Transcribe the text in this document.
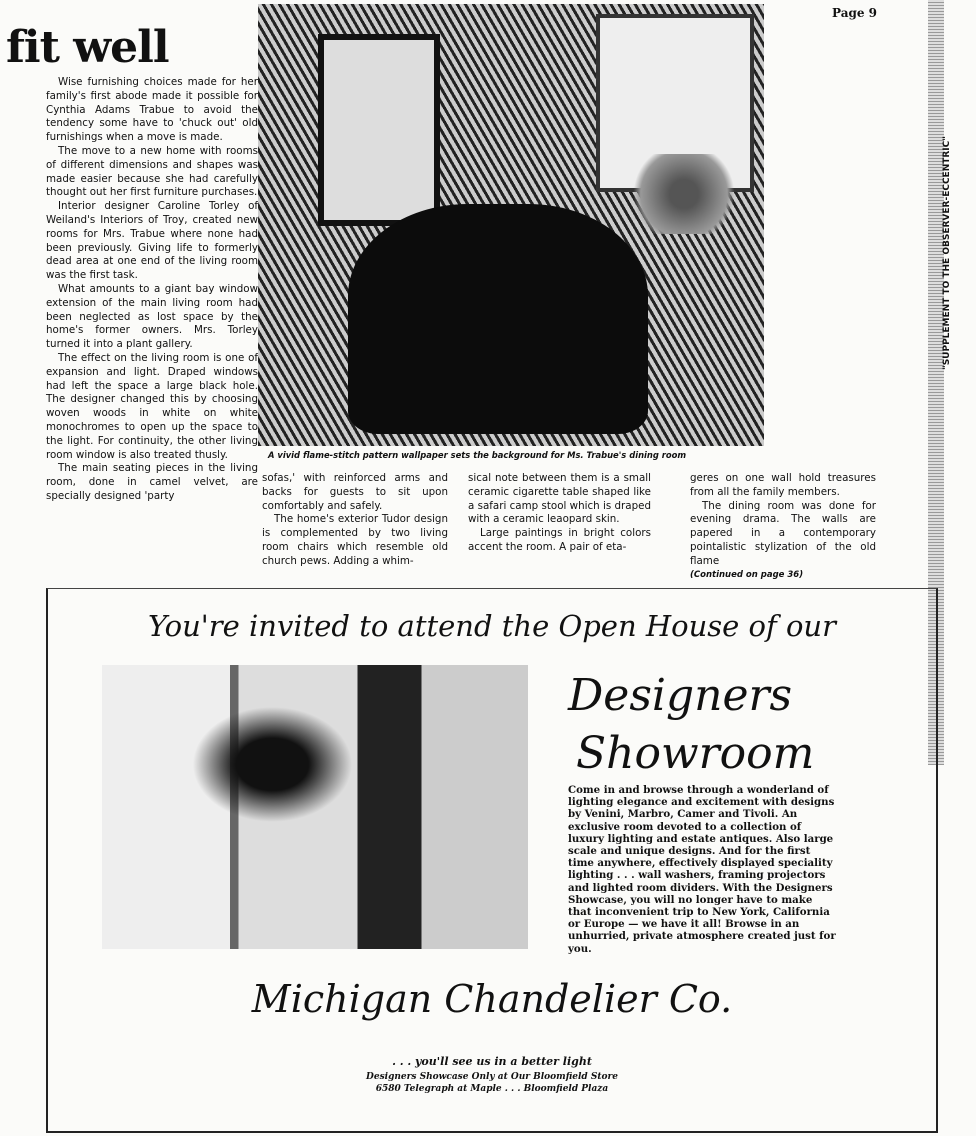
fit well
Page 9
"SUPPLEMENT TO THE OBSERVER-ECCENTRIC"

Wise furnishing choices made for her family's first abode made it possible for Cynthia Adams Trabue to avoid the tendency some have to 'chuck out' old furnishings when a move is made.

The move to a new home with rooms of different dimensions and shapes was made easier because she had carefully thought out her first furniture purchases.

Interior designer Caroline Torley of Weiland's Interiors of Troy, created new rooms for Mrs. Trabue where none had been previously. Giving life to formerly dead area at one end of the living room was the first task.

What amounts to a giant bay window extension of the main living room had been neglected as lost space by the home's former owners. Mrs. Torley turned it into a plant gallery.

The effect on the living room is one of expansion and light. Draped windows had left the space a large black hole. The designer changed this by choosing woven woods in white on white monochromes to open up the space to the light. For continuity, the other living room window is also treated thusly.

The main seating pieces in the living room, done in camel velvet, are specially designed 'party

A vivid flame-stitch pattern wallpaper sets the background for Ms. Trabue's dining room

sofas,' with reinforced arms and backs for guests to sit upon comfortably and safely.

The home's exterior Tudor design is complemented by two living room chairs which resemble old church pews. Adding a whim-

sical note between them is a small ceramic cigarette table shaped like a safari camp stool which is draped with a ceramic leaopard skin.

Large paintings in bright colors accent the room. A pair of eta-

geres on one wall hold treasures from all the family members.

The dining room was done for evening drama. The walls are papered in a contemporary pointalistic stylization of the old flame

(Continued on page 36)

You're invited to attend the Open House of our
Designers
Showroom
Come in and browse through a wonderland of lighting elegance and excitement with designs by Venini, Marbro, Camer and Tivoli. An exclusive room devoted to a collection of luxury lighting and estate antiques. Also large scale and unique designs. And for the first time anywhere, effectively displayed speciality lighting . . . wall washers, framing projectors and lighted room dividers. With the Designers Showcase, you will no longer have to make that inconvenient trip to New York, California or Europe — we have it all! Browse in an unhurried, private atmosphere created just for you.
Michigan Chandelier Co.
. . . you'll see us in a better light
Designers Showcase Only at Our Bloomfield Store
6580 Telegraph at Maple . . . Bloomfield Plaza
